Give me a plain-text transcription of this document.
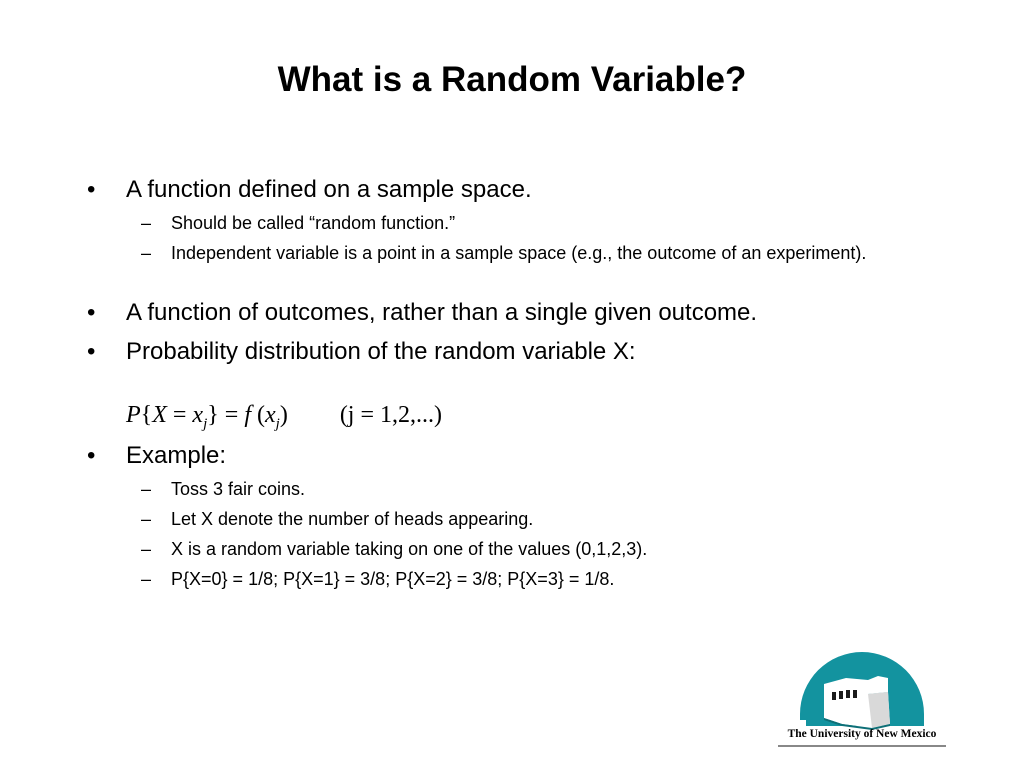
What is a Random Variable?
• A function defined on a sample space.
– Should be called “random function.”
– Independent variable is a point in a sample space (e.g., the outcome of an experiment).
• A function of outcomes, rather than a single given outcome.
• Probability distribution of the random variable X:
$P\{X = x_j\} = f$ $(x_j) (j = 1,2,...)$
• Example:
– Toss 3 fair coins.
– Let X denote the number of heads appearing.
– X is a random variable taking on one of the values (0,1,2,3).
– P{X=0} = 1/8; P{X=1} = 3/8; P{X=2} = 3/8; P{X=3} = 1/8.
The University of New Mexico
